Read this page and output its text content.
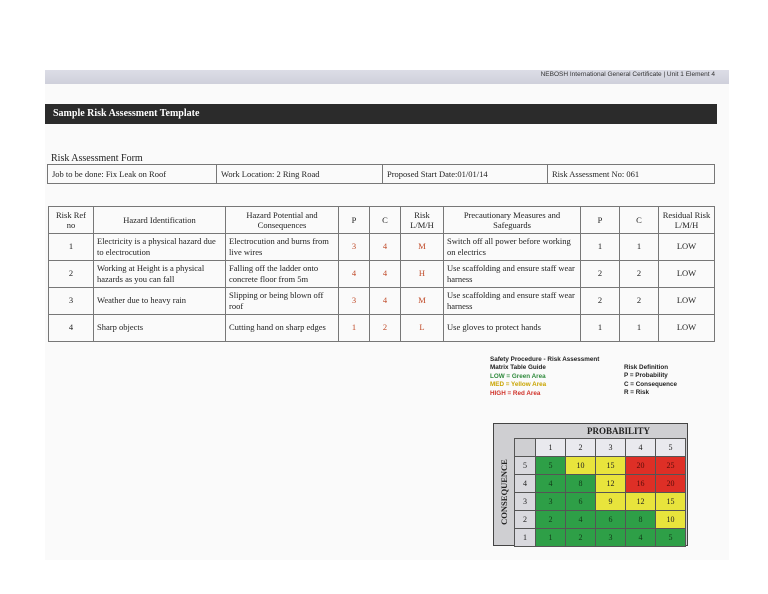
NEBOSH International General Certificate | Unit 1 Element 4
Sample Risk Assessment Template
Risk Assessment Form
Job to be done: Fix Leak on Roof	Work Location: 2 Ring Road	Proposed Start Date:01/01/14	Risk Assessment No: 061
Risk Ref no	Hazard Identification	Hazard Potential and Consequences	P	C	Risk L/M/H	Precautionary Measures and Safeguards	P	C	Residual Risk L/M/H
1	Electricity is a physical hazard due to electrocution	Electrocution and burns from live wires	3	4	M	Switch off all power before working on electrics	1	1	LOW
2	Working at Height is a physical hazards as you can fall	Falling off the ladder onto concrete floor from 5m	4	4	H	Use scaffolding and ensure staff wear harness	2	2	LOW
3	Weather due to heavy rain	Slipping or being blown off roof	3	4	M	Use scaffolding and ensure staff wear harness	2	2	LOW
4	Sharp objects	Cutting hand on sharp edges	1	2	L	Use gloves to protect hands	1	1	LOW
Safety Procedure - Risk Assessment
Matrix Table Guide
LOW = Green Area
MED = Yellow Area
HIGH = Red Area
Risk Definition
P = Probability
C = Consequence
R = Risk
PROBABILITY
CONSEQUENCE
	1	2	3	4	5
5	5	10	15	20	25
4	4	8	12	16	20
3	3	6	9	12	15
2	2	4	6	8	10
1	1	2	3	4	5
